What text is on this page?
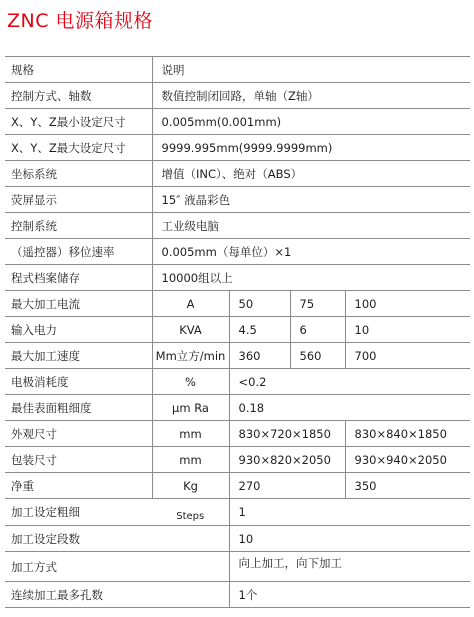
ZNC 电源箱规格
规格	说明			
控制方式、轴数	数值控制闭回路，单轴（Z轴）			
X、Y、Z最小设定尺寸	0.005mm(0.001mm)			
X、Y、Z最大设定尺寸	9999.995mm(9999.9999mm)			
坐标系统	增值（INC）、绝对（ABS）			
荧屏显示	15″ 液晶彩色			
控制系统	工业级电脑			
（遥控器）移位速率	0.005mm（每单位）×1			
程式档案储存	10000组以上			
最大加工电流	A	50	75	100
输入电力	KVA	4.5	6	10
最大加工速度	Mm立方/min	360	560	700
电极消耗度	%	<0.2		
最佳表面粗细度	μm Ra	0.18		
外观尺寸	mm	830×720×1850		830×840×1850
包装尺寸	mm	930×820×2050		930×940×2050
净重	Kg	270		350
加工设定粗细	Steps	1		
加工设定段数		10		
加工方式		向上加工，向下加工		
连续加工最多孔数		1个		
